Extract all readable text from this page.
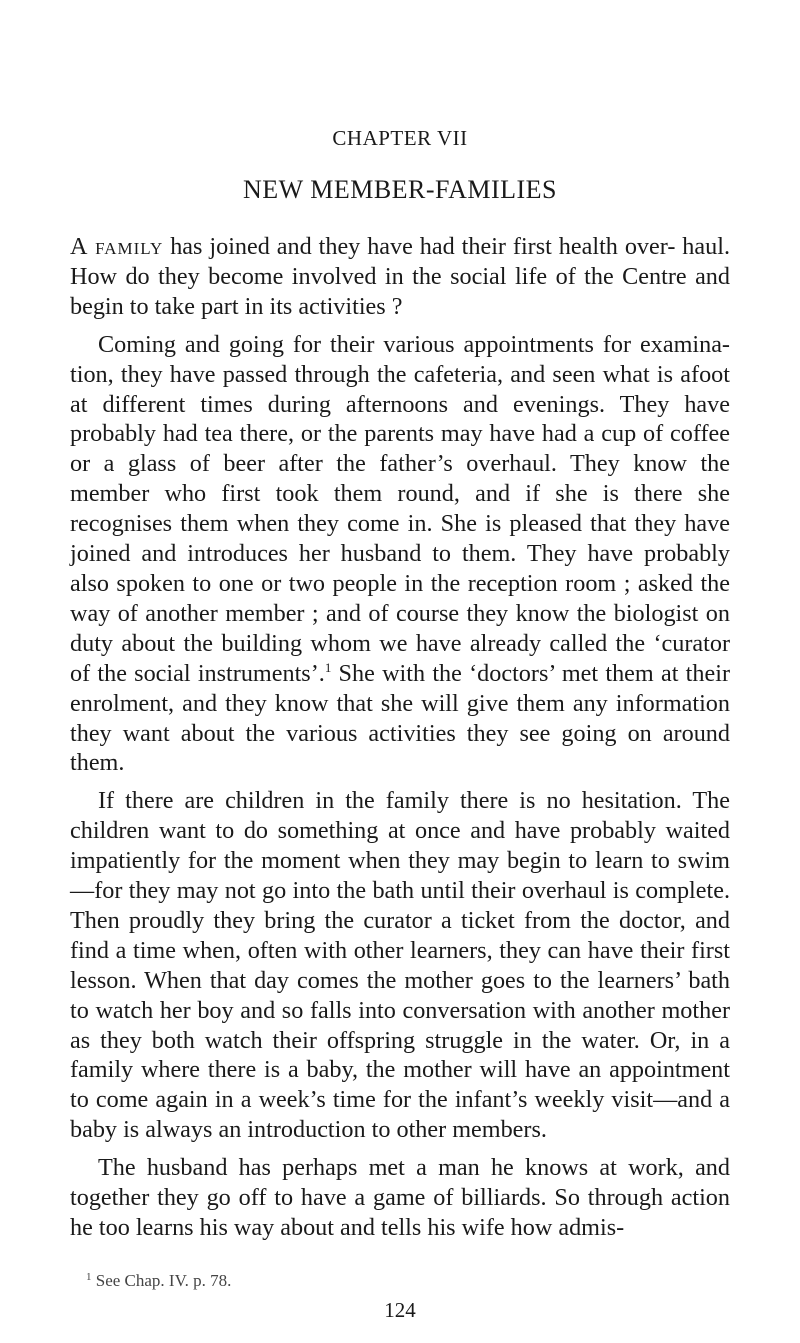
CHAPTER VII
NEW MEMBER-FAMILIES

A family has joined and they have had their first health over- haul. How do they become involved in the social life of the Centre and begin to take part in its activities ?

Coming and going for their various appointments for examina- tion, they have passed through the cafeteria, and seen what is afoot at different times during afternoons and evenings. They have probably had tea there, or the parents may have had a cup of coffee or a glass of beer after the father’s overhaul. They know the member who first took them round, and if she is there she recognises them when they come in. She is pleased that they have joined and introduces her husband to them. They have probably also spoken to one or two people in the reception room ; asked the way of another member ; and of course they know the biologist on duty about the building whom we have already called the ‘curator of the social instruments’.$^1$ She with the ‘doctors’ met them at their enrolment, and they know that she will give them any information they want about the various activities they see going on around them.

If there are children in the family there is no hesitation. The children want to do something at once and have probably waited impatiently for the moment when they may begin to learn to swim—for they may not go into the bath until their overhaul is complete. Then proudly they bring the curator a ticket from the doctor, and find a time when, often with other learners, they can have their first lesson. When that day comes the mother goes to the learners’ bath to watch her boy and so falls into conversation with another mother as they both watch their offspring struggle in the water. Or, in a family where there is a baby, the mother will have an appointment to come again in a week’s time for the infant’s weekly visit—and a baby is always an introduction to other members.

The husband has perhaps met a man he knows at work, and together they go off to have a game of billiards. So through action he too learns his way about and tells his wife how admis-

$^1$ See Chap. IV. p. 78.
124
